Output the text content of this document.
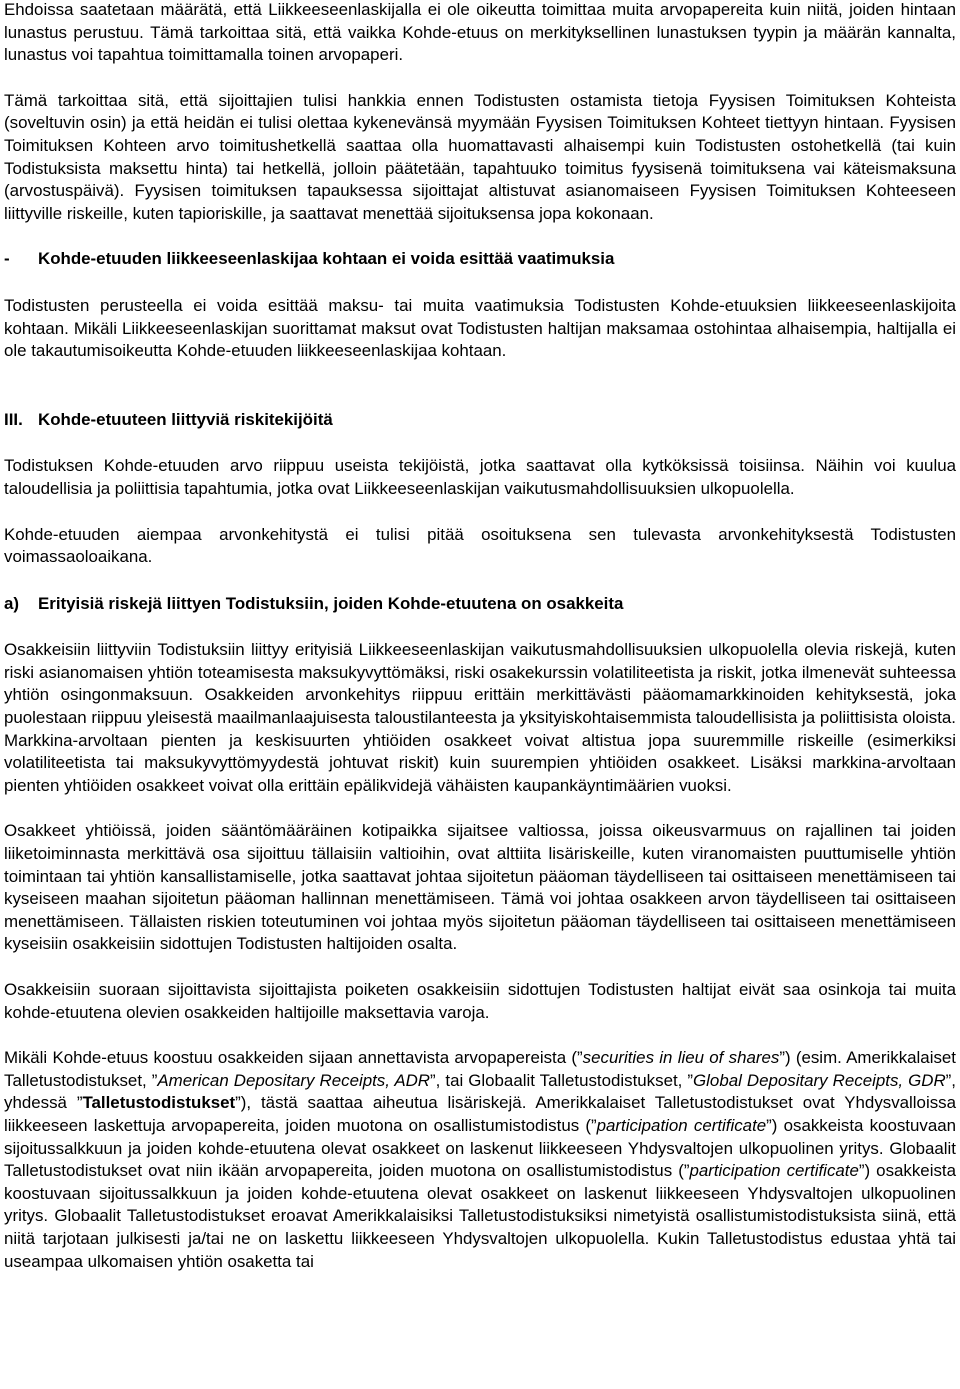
Ehdoissa saatetaan määrätä, että Liikkeeseenlaskijalla ei ole oikeutta toimittaa muita arvopapereita kuin niitä, joiden hintaan lunastus perustuu. Tämä tarkoittaa sitä, että vaikka Kohde-etuus on merkityksellinen lunastuksen tyypin ja määrän kannalta, lunastus voi tapahtua toimittamalla toinen arvopaperi.

Tämä tarkoittaa sitä, että sijoittajien tulisi hankkia ennen Todistusten ostamista tietoja Fyysisen Toimituksen Kohteista (soveltuvin osin) ja että heidän ei tulisi olettaa kykenevänsä myymään Fyysisen Toimituksen Kohteet tiettyyn hintaan. Fyysisen Toimituksen Kohteen arvo toimitushetkellä saattaa olla huomattavasti alhaisempi kuin Todistusten ostohetkellä (tai kuin Todistuksista maksettu hinta) tai hetkellä, jolloin päätetään, tapahtuuko toimitus fyysisenä toimituksena vai käteismaksuna (arvostuspäivä). Fyysisen toimituksen tapauksessa sijoittajat altistuvat asianomaiseen Fyysisen Toimituksen Kohteeseen liittyville riskeille, kuten tapioriskille, ja saattavat menettää sijoituksensa jopa kokonaan.

-	Kohde-etuuden liikkeeseenlaskijaa kohtaan ei voida esittää vaatimuksia

Todistusten perusteella ei voida esittää maksu- tai muita vaatimuksia Todistusten Kohde-etuuksien liikkeeseenlaskijoita kohtaan. Mikäli Liikkeeseenlaskijan suorittamat maksut ovat Todistusten haltijan maksamaa ostohintaa alhaisempia, haltijalla ei ole takautumisoikeutta Kohde-etuuden liikkeeseenlaskijaa kohtaan.

III. Kohde-etuuteen liittyviä riskitekijöitä

Todistuksen Kohde-etuuden arvo riippuu useista tekijöistä, jotka saattavat olla kytköksissä toisiinsa. Näihin voi kuulua taloudellisia ja poliittisia tapahtumia, jotka ovat Liikkeeseenlaskijan vaikutusmahdollisuuksien ulkopuolella.

Kohde-etuuden aiempaa arvonkehitystä ei tulisi pitää osoituksena sen tulevasta arvonkehityksestä Todistusten voimassaoloaikana.

a)	Erityisiä riskejä liittyen Todistuksiin, joiden Kohde-etuutena on osakkeita

Osakkeisiin liittyviin Todistuksiin liittyy erityisiä Liikkeeseenlaskijan vaikutusmahdollisuuksien ulkopuolella olevia riskejä, kuten riski asianomaisen yhtiön toteamisesta maksukyvyttömäksi, riski osakekurssin volatiliteetista ja riskit, jotka ilmenevät suhteessa yhtiön osingonmaksuun. Osakkeiden arvonkehitys riippuu erittäin merkittävästi pääomamarkkinoiden kehityksestä, joka puolestaan riippuu yleisestä maailmanlaajuisesta taloustilanteesta ja yksityiskohtaisemmista taloudellisista ja poliittisista oloista. Markkina-arvoltaan pienten ja keskisuurten yhtiöiden osakkeet voivat altistua jopa suuremmille riskeille (esimerkiksi volatiliteetista tai maksukyvyttömyydestä johtuvat riskit) kuin suurempien yhtiöiden osakkeet. Lisäksi markkina-arvoltaan pienten yhtiöiden osakkeet voivat olla erittäin epälikvidejä vähäisten kaupankäyntimäärien vuoksi.

Osakkeet yhtiöissä, joiden sääntömääräinen kotipaikka sijaitsee valtiossa, joissa oikeusvarmuus on rajallinen tai joiden liiketoiminnasta merkittävä osa sijoittuu tällaisiin valtioihin, ovat alttiita lisäriskeille, kuten viranomaisten puuttumiselle yhtiön toimintaan tai yhtiön kansallistamiselle, jotka saattavat johtaa sijoitetun pääoman täydelliseen tai osittaiseen menettämiseen tai kyseiseen maahan sijoitetun pääoman hallinnan menettämiseen. Tämä voi johtaa osakkeen arvon täydelliseen tai osittaiseen menettämiseen. Tällaisten riskien toteutuminen voi johtaa myös sijoitetun pääoman täydelliseen tai osittaiseen menettämiseen kyseisiin osakkeisiin sidottujen Todistusten haltijoiden osalta.

Osakkeisiin suoraan sijoittavista sijoittajista poiketen osakkeisiin sidottujen Todistusten haltijat eivät saa osinkoja tai muita kohde-etuutena olevien osakkeiden haltijoille maksettavia varoja.

Mikäli Kohde-etuus koostuu osakkeiden sijaan annettavista arvopapereista (”securities in lieu of shares”) (esim. Amerikkalaiset Talletustodistukset, ”American Depositary Receipts, ADR”, tai Globaalit Talletustodistukset, ”Global Depositary Receipts, GDR”, yhdessä ”Talletustodistukset”), tästä saattaa aiheutua lisäriskejä. Amerikkalaiset Talletustodistukset ovat Yhdysvalloissa liikkeeseen laskettuja arvopapereita, joiden muotona on osallistumistodistus (”participation certificate”) osakkeista koostuvaan sijoitussalkkuun ja joiden kohde-etuutena olevat osakkeet on laskenut liikkeeseen Yhdysvaltojen ulkopuolinen yritys. Globaalit Talletustodistukset ovat niin ikään arvopapereita, joiden muotona on osallistumistodistus (”participation certificate”) osakkeista koostuvaan sijoitussalkkuun ja joiden kohde-etuutena olevat osakkeet on laskenut liikkeeseen Yhdysvaltojen ulkopuolinen yritys. Globaalit Talletustodistukset eroavat Amerikkalaisiksi Talletustodistuksiksi nimetyistä osallistumistodistuksista siinä, että niitä tarjotaan julkisesti ja/tai ne on laskettu liikkeeseen Yhdysvaltojen ulkopuolella. Kukin Talletustodistus edustaa yhtä tai useampaa ulkomaisen yhtiön osaketta tai
